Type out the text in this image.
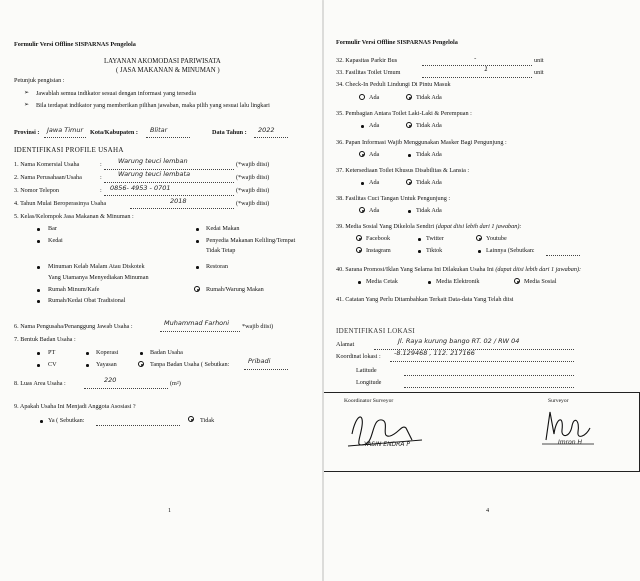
Formulir Versi Offline SISPARNAS Pengelola
LAYANAN AKOMODASI PARIWISATA
( JASA MAKANAN & MINUMAN )
Petunjuk pengisian :
➢ Jawablah semua indikator sesuai dengan informasi yang tersedia
➢ Bila terdapat indikator yang memberikan pilihan jawaban, maka pilih yang sesuai lalu lingkari
Provinsi : Jawa Timur Kota/Kabupaten : Blitar	Data Tahun : 2022
IDENTIFIKASI PROFILE USAHA
1. Nama Komersial Usaha	:	Warung teuci lemban	(*wajib diisi)
2. Nama Perusahaan/Usaha	:	Warung teuci lembata	(*wajib diisi)
3. Nomor Telepon	: 0856- 4953 - 0701	(*wajib diisi)
4. Tahun Mulai Beroperasinya Usaha	2018	(*wajib diisi)
5. Kelas/Kelompok Jasa Makanan & Minuman :
Bar	Kedai Makan
Kedai	Penyedia Makanan Keliling/Tempat
Tidak Tetap
Minuman Kelab Malam Atau Diskotek
Yang Utamanya Menyediakan Minuman
Restoran
Rumah Minum/Kafe	Rumah/Warung Makan
Rumah/Kedai Obat Tradisional
6. Nama Pengusaha/Penanggung Jawab Usaha :	Muhammad Farhoni *wajib diisi)
7. Bentuk Badan Usaha :
PT	Koperasi	Badan Usaha
CV	Yayasan	Tanpa Badan Usaha ( Sebutkan:	Pribadi
8. Luas Area Usaha :	220	(m²)
9. Apakah Usaha Ini Menjadi Anggota Asosiasi ?
Ya ( Sebutkan:	Tidak
1
Formulir Versi Offline SISPARNAS Pengelola
32. Kapasitas Parkir Bus	-	unit
33. Fasilitas Toilet Umum	1	unit
34. Check-In Peduli Lindungi Di Pintu Masuk
Ada	Tidak Ada
35. Pembagian Antara Toilet Laki-Laki & Perempuan :
Ada	Tidak Ada
36. Papan Informasi Wajib Menggunakan Masker Bagi Pengunjung :
Ada	Tidak Ada
37. Ketersediaan Toilet Khusus Disabilitas & Lansia :
Ada	Tidak Ada
38. Fasilitas Cuci Tangan Untuk Pengunjung :
Ada	Tidak Ada
39. Media Sosial Yang Dikelola Sendiri (dapat diisi lebih dari 1 jawaban):
Facebook	Twitter	Youtube
Instagram	Tiktok	Lainnya (Sebutkan:
40. Sarana Promosi/Iklan Yang Selama Ini Dilakukan Usaha Ini (dapat diisi lebih dari 1 jawaban):
Media Cetak	Media Elektronik	Media Sosial
41. Catatan Yang Perlu Ditambahkan Terkait Data-data Yang Telah diisi
IDENTIFIKASI LOKASI
Alamat	Jl. Raya kurung bango RT. 02 / RW 04
Koordinat lokasi : -8.129468 , 112. 217166
Latitude
Longitude
Koordinator Surveyor	Surveyor
YASIN ENDRA P	Imron H
4
